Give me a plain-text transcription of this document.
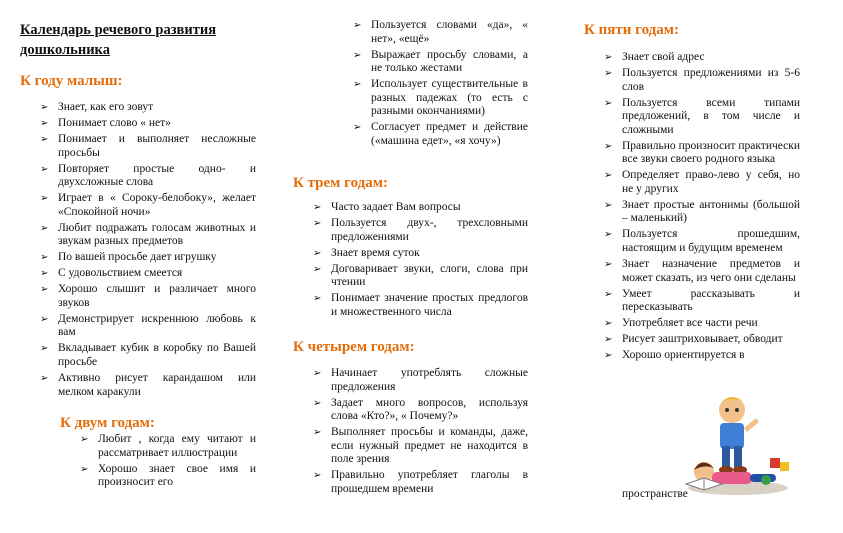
Календарь речевого развития дошкольника
К году малыш:
➢ Знает, как его зовут
➢ Понимает слово « нет»
➢ Понимает и выполняет несложные просьбы
➢ Повторяет простые одно- и двухсложные слова
➢ Играет в « Сороку-белобоку», желает «Спокойной ночи»
➢ Любит подражать голосам животных и звукам разных предметов
➢ По вашей просьбе дает игрушку
➢ С удовольствием смеется
➢ Хорошо слышит и различает много звуков
➢ Демонстрирует искреннюю любовь к вам
➢ Вкладывает кубик в коробку по Вашей просьбе
➢ Активно рисует карандашом или мелком каракули
К двум годам:
➢ Любит , когда ему читают и рассматривает иллюстрации
➢ Хорошо знает свое имя и произносит его
➢ Пользуется словами «да», « нет», «ещё»
➢ Выражает просьбу словами, а не только жестами
➢ Использует существительные в разных падежах (то есть с разными окончаниями)
➢ Согласует предмет и действие («машина едет», «я хочу»)
К трем годам:
➢ Часто задает Вам вопросы
➢ Пользуется двух-, трехсловными предложениями
➢ Знает время суток
➢ Договаривает звуки, слоги, слова при чтении
➢ Понимает значение простых предлогов и множественного числа
К четырем годам:
➢ Начинает употреблять сложные предложения
➢ Задает много вопросов, используя слова «Кто?», « Почему?»
➢ Выполняет просьбы и команды, даже, если нужный предмет не находится в поле зрения
➢ Правильно употребляет глаголы в прошедшем времени
К пяти годам:
➢ Знает свой адрес
➢ Пользуется предложениями из 5-6 слов
➢ Пользуется всеми типами предложений, в том числе и сложными
➢ Правильно произносит практически все звуки своего родного языка
➢ Определяет право-лево у себя, но не у других
➢ Знает простые антонимы (большой – маленький)
➢ Пользуется прошедшим, настоящим и будущим временем
➢ Знает назначение предметов и может сказать, из чего они сделаны
➢ Умеет рассказывать и пересказывать
➢ Употребляет все части речи
➢ Рисует заштриховывает, обводит
➢ Хорошо ориентируется в
пространстве
